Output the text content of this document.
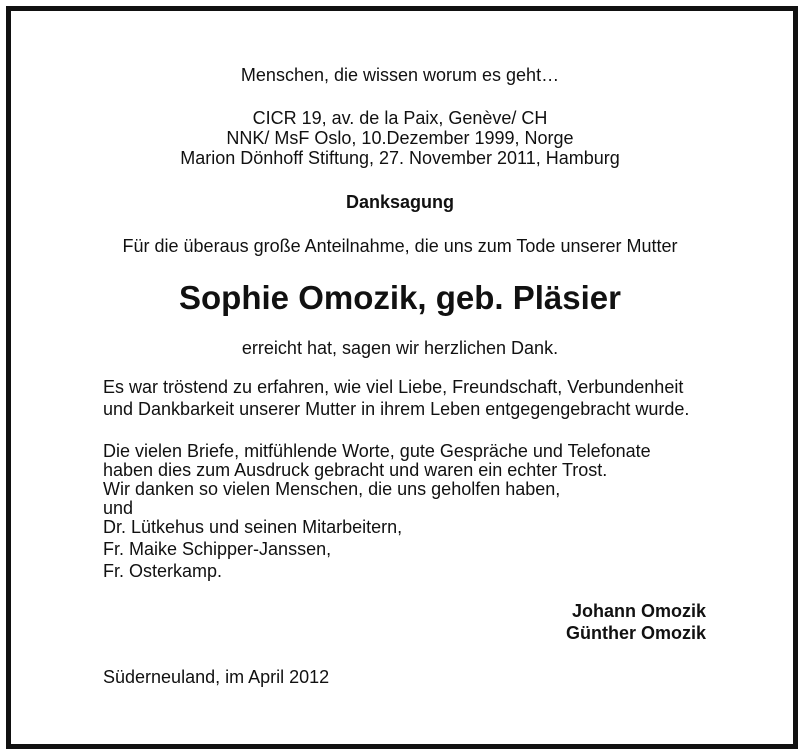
Menschen, die wissen worum es geht…
CICR 19, av. de la Paix, Genève/ CH
NNK/ MsF Oslo, 10.Dezember 1999, Norge
Marion Dönhoff Stiftung, 27. November 2011, Hamburg
Danksagung
Für die überaus große Anteilnahme, die uns zum Tode unserer Mutter
Sophie Omozik, geb. Pläsier
erreicht hat, sagen wir herzlichen Dank.
Es war tröstend zu erfahren, wie viel Liebe, Freundschaft, Verbundenheit
und Dankbarkeit unserer Mutter in ihrem Leben entgegengebracht wurde.
Die vielen Briefe, mitfühlende Worte, gute Gespräche und Telefonate
haben dies zum Ausdruck gebracht und waren ein echter Trost.
Wir danken so vielen Menschen, die uns geholfen haben,
und
Dr. Lütkehus und seinen Mitarbeitern,
Fr. Maike Schipper-Janssen,
Fr. Osterkamp.
Johann Omozik
Günther Omozik
Süderneuland, im April 2012
